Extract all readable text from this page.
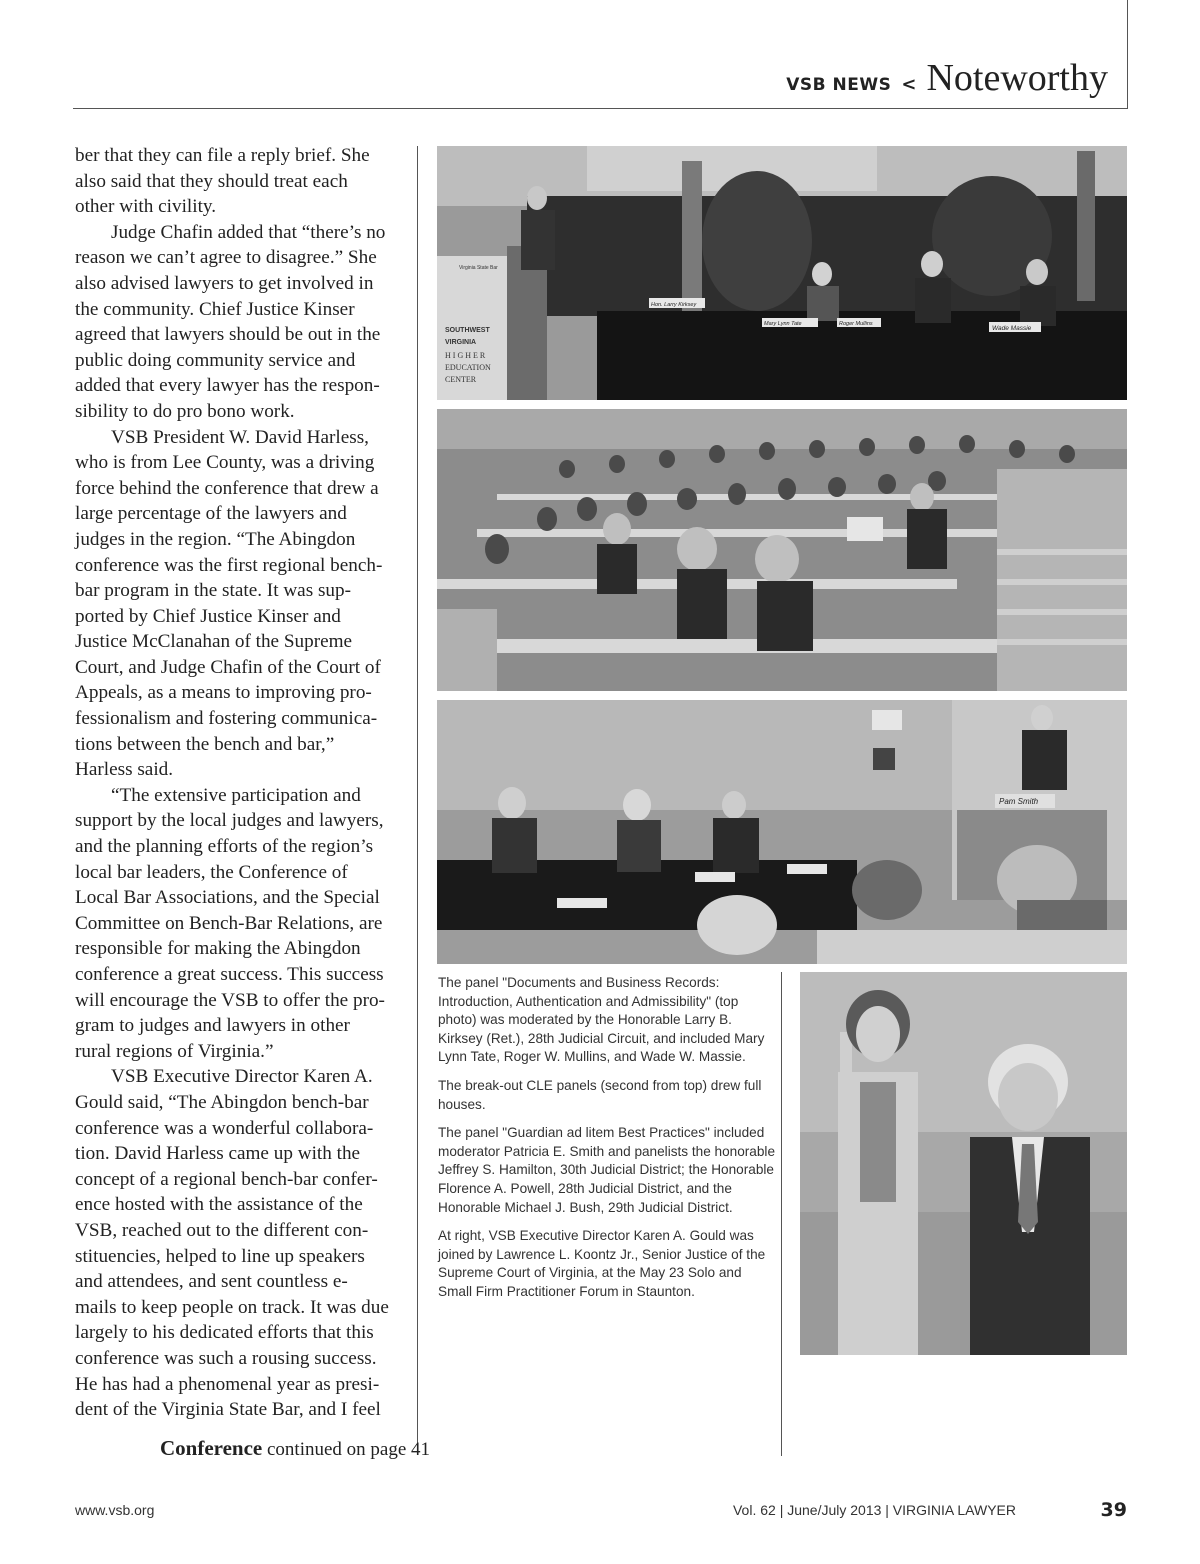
VSB NEWS < Noteworthy
ber that they can file a reply brief. She
also said that they should treat each
other with civility.
Judge Chafin added that “there’s no
reason we can’t agree to disagree.” She
also advised lawyers to get involved in
the community. Chief Justice Kinser
agreed that lawyers should be out in the
public doing community service and
added that every lawyer has the respon-
sibility to do pro bono work.
VSB President W. David Harless,
who is from Lee County, was a driving
force behind the conference that drew a
large percentage of the lawyers and
judges in the region. “The Abingdon
conference was the first regional bench-
bar program in the state. It was sup-
ported by Chief Justice Kinser and
Justice McClanahan of the Supreme
Court, and Judge Chafin of the Court of
Appeals, as a means to improving pro-
fessionalism and fostering communica-
tions between the bench and bar,”
Harless said.
“The extensive participation and
support by the local judges and lawyers,
and the planning efforts of the region’s
local bar leaders, the Conference of
Local Bar Associations, and the Special
Committee on Bench-Bar Relations, are
responsible for making the Abingdon
conference a great success. This success
will encourage the VSB to offer the pro-
gram to judges and lawyers in other
rural regions of Virginia.”
VSB Executive Director Karen A.
Gould said, “The Abingdon bench-bar
conference was a wonderful collabora-
tion. David Harless came up with the
concept of a regional bench-bar confer-
ence hosted with the assistance of the
VSB, reached out to the different con-
stituencies, helped to line up speakers
and attendees, and sent countless e-
mails to keep people on track. It was due
largely to his dedicated efforts that this
conference was such a rousing success.
He has had a phenomenal year as presi-
dent of the Virginia State Bar, and I feel
Conference continued on page 41
Virginia State Bar
SOUTHWEST
VIRGINIA
H I G H E R
EDUCATION
CENTER
Hon. Larry Kirksey
Mary Lynn Tate	Roger Mullins
Wade Massie
Pam Smith

The panel "Documents and Business Records:
Introduction, Authentication and Admissibility" (top
photo) was moderated by the Honorable Larry B.
Kirksey (Ret.), 28th Judicial Circuit, and included Mary
Lynn Tate, Roger W. Mullins, and Wade W. Massie.

The break-out CLE panels (second from top) drew full
houses.

The panel "Guardian ad litem Best Practices" included
moderator Patricia E. Smith and panelists the honorable
Jeffrey S. Hamilton, 30th Judicial District; the Honorable
Florence A. Powell, 28th Judicial District, and the
Honorable Michael J. Bush, 29th Judicial District.

At right, VSB Executive Director Karen A. Gould was
joined by Lawrence L. Koontz Jr., Senior Justice of the
Supreme Court of Virginia, at the May 23 Solo and
Small Firm Practitioner Forum in Staunton.

www.vsb.org	Vol. 62 | June/July 2013 | VIRGINIA LAWYER	39
